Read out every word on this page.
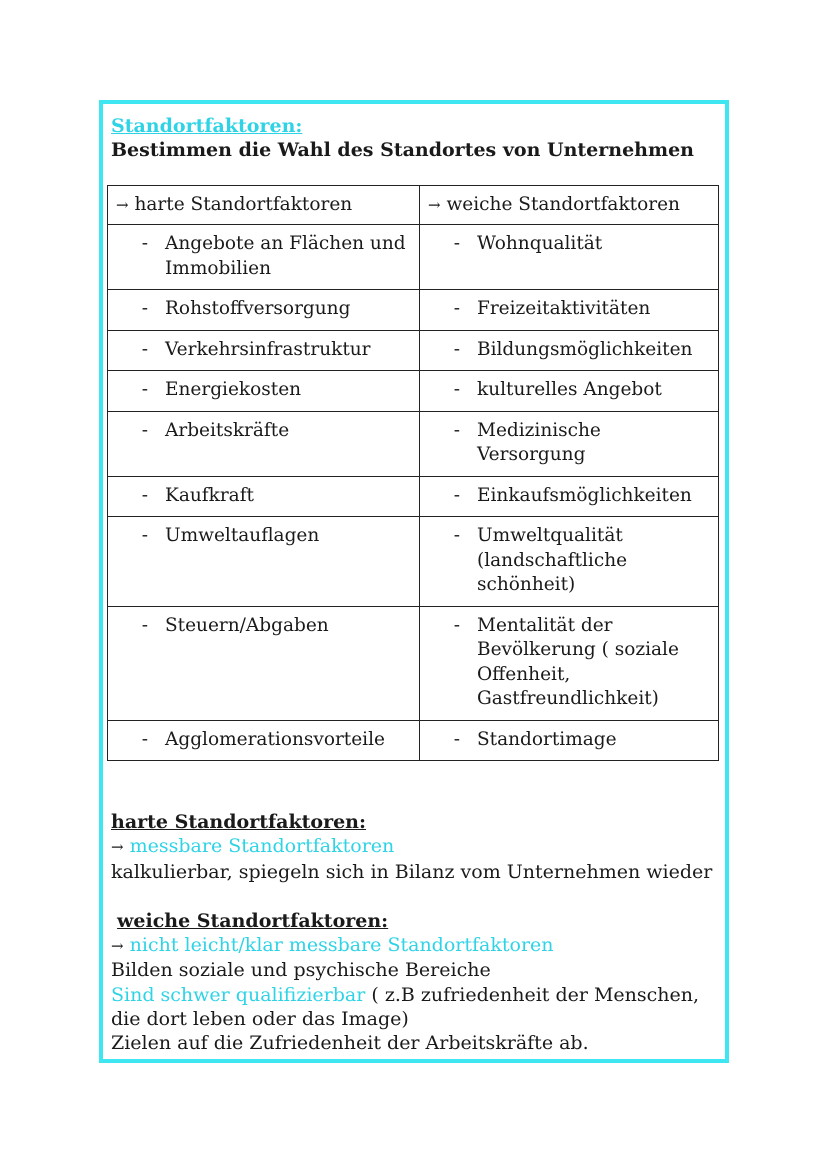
Standortfaktoren:

Bestimmen die Wahl des Standortes von Unternehmen

→ harte Standortfaktoren	→ weiche Standortfaktoren

- Angebote an Flächen und Immobilien	- Wohnqualität

- Rohstoffversorgung	- Freizeitaktivitäten

- Verkehrsinfrastruktur	- Bildungsmöglichkeiten

- Energiekosten	- kulturelles Angebot

- Arbeitskräfte	- Medizinische Versorgung

- Kaufkraft	- Einkaufsmöglichkeiten

- Umweltauflagen	- Umweltqualität (landschaftliche schönheit)

- Steuern/Abgaben	- Mentalität der Bevölkerung ( soziale Offenheit, Gastfreundlichkeit)

- Agglomerationsvorteile	- Standortimage

harte Standortfaktoren:

→ messbare Standortfaktoren

kalkulierbar, spiegeln sich in Bilanz vom Unternehmen wieder

weiche Standortfaktoren:

→ nicht leicht/klar messbare Standortfaktoren

Bilden soziale und psychische Bereiche

Sind schwer qualifizierbar ( z.B zufriedenheit der Menschen,

die dort leben oder das Image)

Zielen auf die Zufriedenheit der Arbeitskräfte ab.
